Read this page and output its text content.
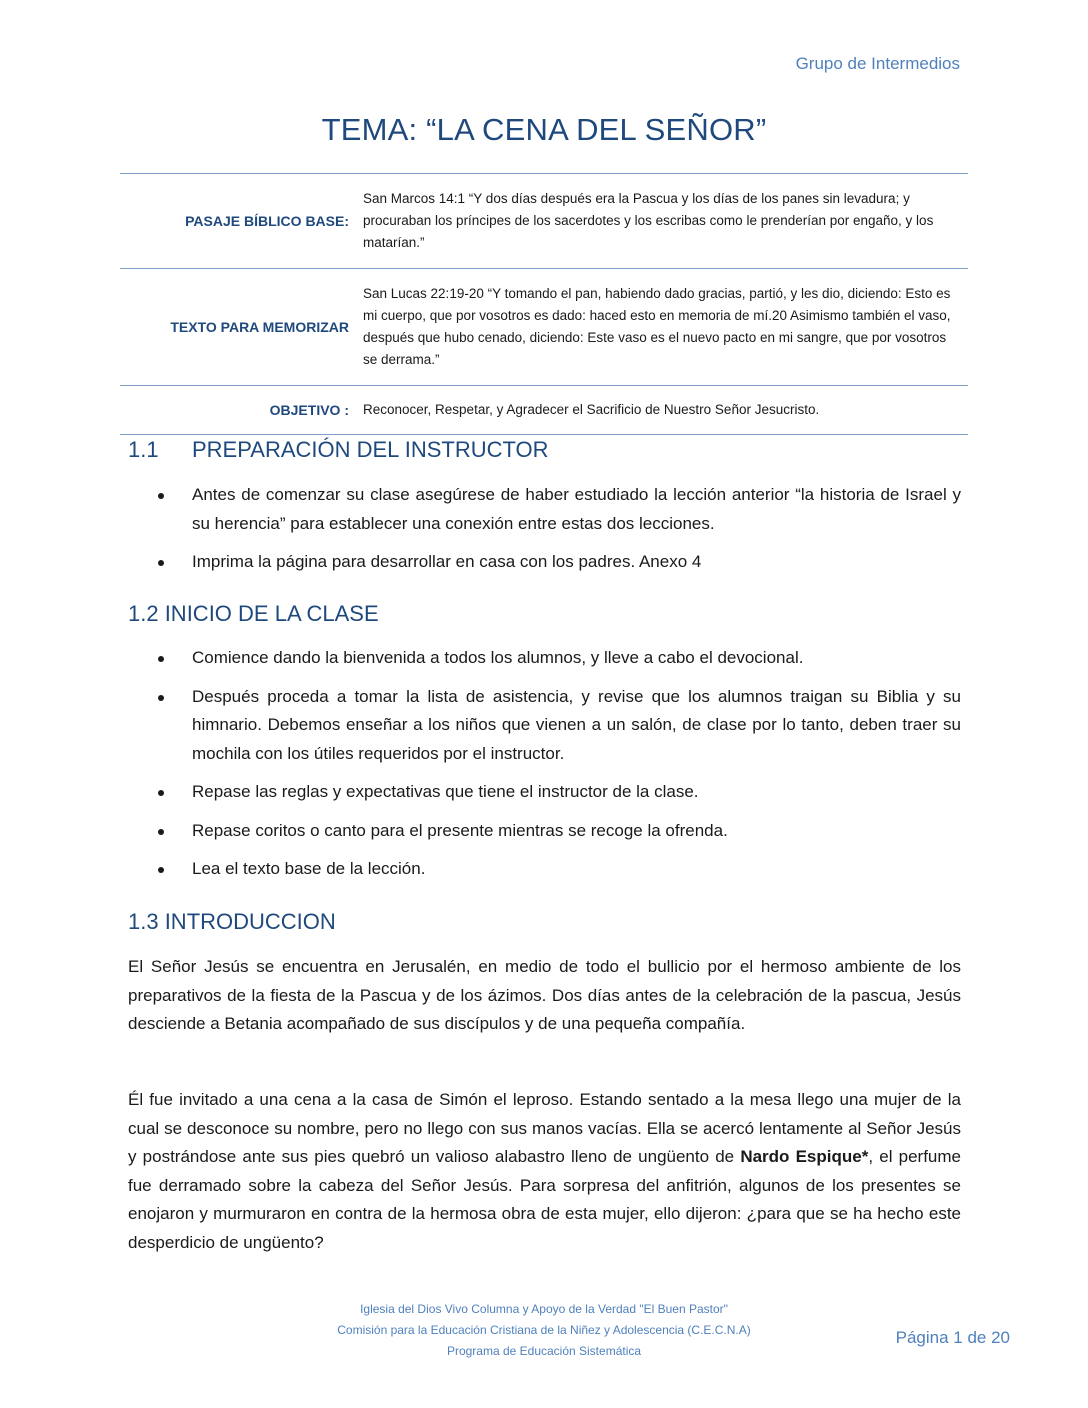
Grupo de Intermedios
TEMA: “LA CENA DEL SEÑOR”
PASAJE BÍBLICO BASE:	San Marcos 14:1 “Y dos días después era la Pascua y los días de los panes sin levadura; y procuraban los príncipes de los sacerdotes y los escribas como le prenderían por engaño, y los matarían.”
TEXTO PARA MEMORIZAR	San Lucas 22:19-20 “Y tomando el pan, habiendo dado gracias, partió, y les dio, diciendo: Esto es mi cuerpo, que por vosotros es dado: haced esto en memoria de mí.20 Asimismo también el vaso, después que hubo cenado, diciendo: Este vaso es el nuevo pacto en mi sangre, que por vosotros se derrama.”
OBJETIVO :	Reconocer, Respetar, y Agradecer el Sacrificio de Nuestro Señor Jesucristo.
1.1 PREPARACIÓN DEL INSTRUCTOR
Antes de comenzar su clase asegúrese de haber estudiado la lección anterior “la historia de Israel y su herencia” para establecer una conexión entre estas dos lecciones.
Imprima la página para desarrollar en casa con los padres. Anexo 4
1.2 INICIO DE LA CLASE
Comience dando la bienvenida a todos los alumnos, y lleve a cabo el devocional.
Después proceda a tomar la lista de asistencia, y revise que los alumnos traigan su Biblia y su himnario. Debemos enseñar a los niños que vienen a un salón, de clase por lo tanto, deben traer su mochila con los útiles requeridos por el instructor.
Repase las reglas y expectativas que tiene el instructor de la clase.
Repase coritos o canto para el presente mientras se recoge la ofrenda.
Lea el texto base de la lección.
1.3 INTRODUCCION

El Señor Jesús se encuentra en Jerusalén, en medio de todo el bullicio por el hermoso ambiente de los preparativos de la fiesta de la Pascua y de los ázimos. Dos días antes de la celebración de la pascua, Jesús desciende a Betania acompañado de sus discípulos y de una pequeña compañía.

Él fue invitado a una cena a la casa de Simón el leproso. Estando sentado a la mesa llego una mujer de la cual se desconoce su nombre, pero no llego con sus manos vacías. Ella se acercó lentamente al Señor Jesús y postrándose ante sus pies quebró un valioso alabastro lleno de ungüento de Nardo Espique*, el perfume fue derramado sobre la cabeza del Señor Jesús. Para sorpresa del anfitrión, algunos de los presentes se enojaron y murmuraron en contra de la hermosa obra de esta mujer, ello dijeron: ¿para que se ha hecho este desperdicio de ungüento?

Iglesia del Dios Vivo Columna y Apoyo de la Verdad "El Buen Pastor"
Comisión para la Educación Cristiana de la Niñez y Adolescencia (C.E.C.N.A)
Programa de Educación Sistemática
Página 1 de 20
